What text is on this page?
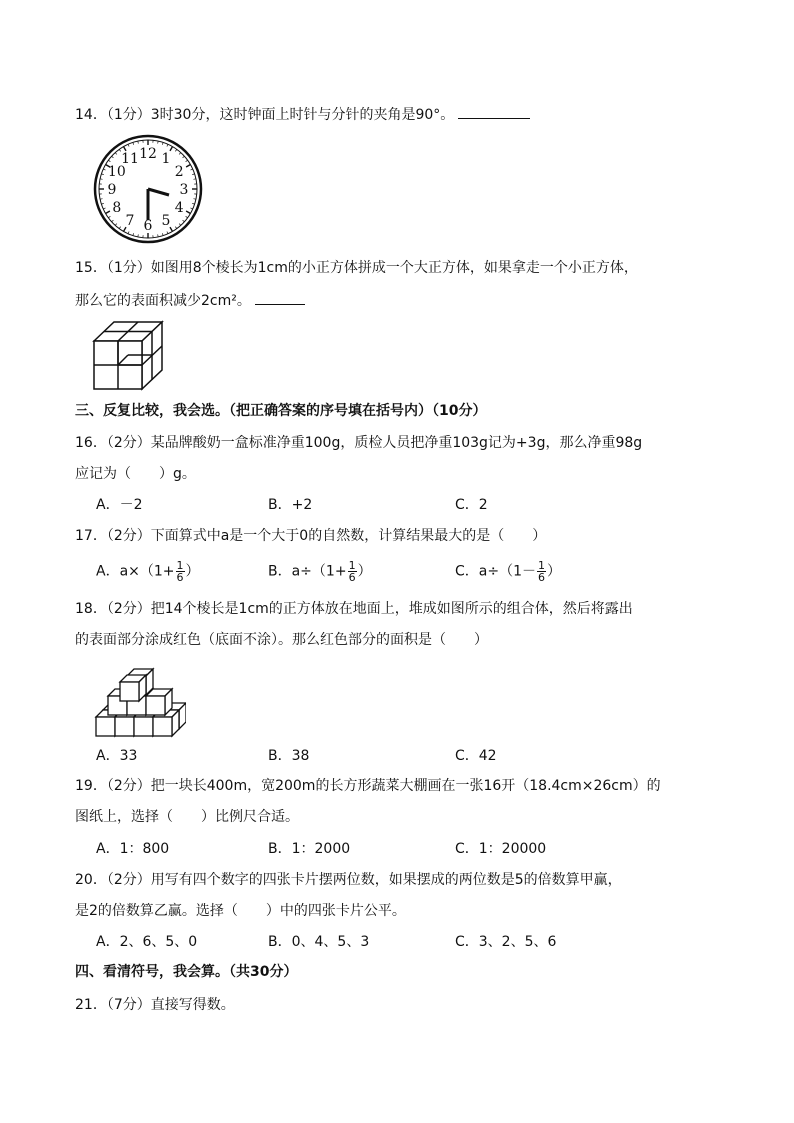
14．（1分）3时30分，这时钟面上时针与分针的夹角是90°。
12 1
2
3
4
5
6
7
8
9
10
11
15．（1分）如图用8个棱长为1cm的小正方体拼成一个大正方体，如果拿走一个小正方体，
那么它的表面积减少2cm²。
三、反复比较，我会选。（把正确答案的序号填在括号内）（10分）
16．（2分）某品牌酸奶一盒标准净重100g，质检人员把净重103g记为+3g，那么净重98g
应记为（　　）g。
A．－2	B．+2	C．2
17．（2分）下面算式中a是一个大于0的自然数，计算结果最大的是（　　）
A．$a\times(1+ \frac{1}{6}$ ）	B．$a\div(1+ \frac{1}{6}$ ）	C．$a\div(1- \frac{1}{6}$ ）
18．（2分）把14个棱长是1cm的正方体放在地面上，堆成如图所示的组合体，然后将露出
的表面部分涂成红色（底面不涂）。那么红色部分的面积是（　　）
A．33	B．38	C．42
19．（2分）把一块长400m，宽200m的长方形蔬菜大棚画在一张16开（18.4cm×26cm）的
图纸上，选择（　　）比例尺合适。
A．1：800	B．1：2000	C．1：20000
20．（2分）用写有四个数字的四张卡片摆两位数，如果摆成的两位数是5的倍数算甲赢，
是2的倍数算乙赢。选择（　　）中的四张卡片公平。
A．2、6、5、0	B．0、4、5、3	C．3、2、5、6
四、看清符号，我会算。（共30分）
21．（7分）直接写得数。
